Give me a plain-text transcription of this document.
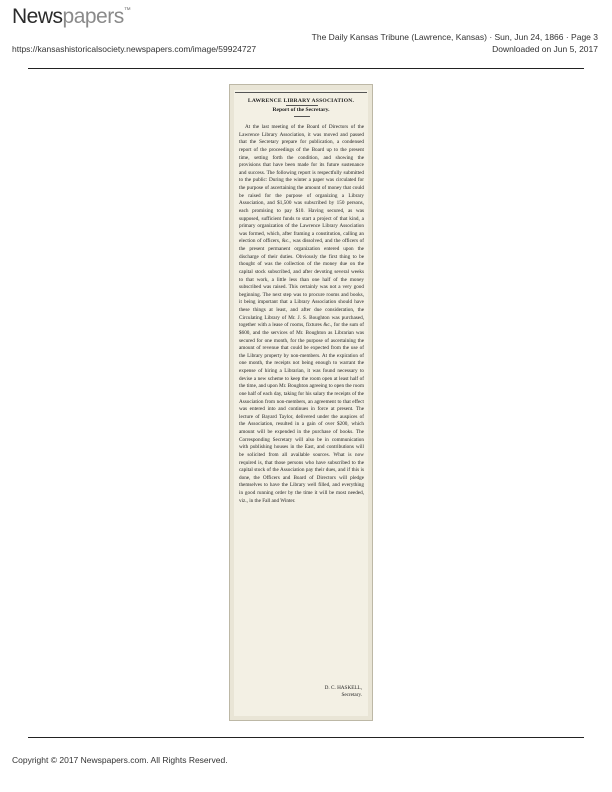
Newspapers™
The Daily Kansas Tribune (Lawrence, Kansas) · Sun, Jun 24, 1866 · Page 3
https://kansashistoricalsociety.newspapers.com/image/59924727	Downloaded on Jun 5, 2017
LAWRENCE LIBRARY ASSOCIATION.
Report of the Secretary.

At the last meeting of the Board of Directors of the Lawrence Library Association, it was moved and passed that the Secretary prepare for publication, a condensed report of the proceedings of the Board up to the present time, setting forth the condition, and showing the provisions that have been made for its future sustenance and success. The following report is respectfully submitted to the public: During the winter a paper was circulated for the purpose of ascertaining the amount of money that could be raised for the purpose of organizing a Library Association, and $1,500 was subscribed by 150 persons, each promising to pay $10. Having secured, as was supposed, sufficient funds to start a project of that kind, a primary organization of the Lawrence Library Association was formed, which, after framing a constitution, calling an election of officers, &c., was dissolved, and the officers of the present permanent organization entered upon the discharge of their duties. Obviously the first thing to be thought of was the collection of the money due on the capital stock subscribed, and after devoting several weeks to that work, a little less than one half of the money subscribed was raised. This certainly was not a very good beginning. The next step was to procure rooms and books, it being important that a Library Association should have these things at least, and after due consideration, the Circulating Library of Mr. J. S. Boughton was purchased, together with a lease of rooms, fixtures &c., for the sum of $600, and the services of Mr. Boughton as Librarian was secured for one month, for the purpose of ascertaining the amount of revenue that could be expected from the use of the Library property by non-members. At the expiration of one month, the receipts not being enough to warrant the expense of hiring a Librarian, it was found necessary to devise a new scheme to keep the room open at least half of the time, and upon Mr. Boughton agreeing to open the room one half of each day, taking for his salary the receipts of the Association from non-members, an agreement to that effect was entered into and continues in force at present. The lecture of Bayard Taylor, delivered under the auspices of the Association, resulted in a gain of over $200, which amount will be expended in the purchase of books. The Corresponding Secretary will also be in communication with publishing houses in the East, and contributions will be solicited from all available sources. What is now required is, that those persons who have subscribed to the capital stock of the Association pay their dues, and if this is done, the Officers and Board of Directors will pledge themselves to have the Library well filled, and everything in good running order by the time it will be most needed, viz., in the Fall and Winter.

D. C. HASKELL,
Secretary.
Copyright © 2017 Newspapers.com. All Rights Reserved.
